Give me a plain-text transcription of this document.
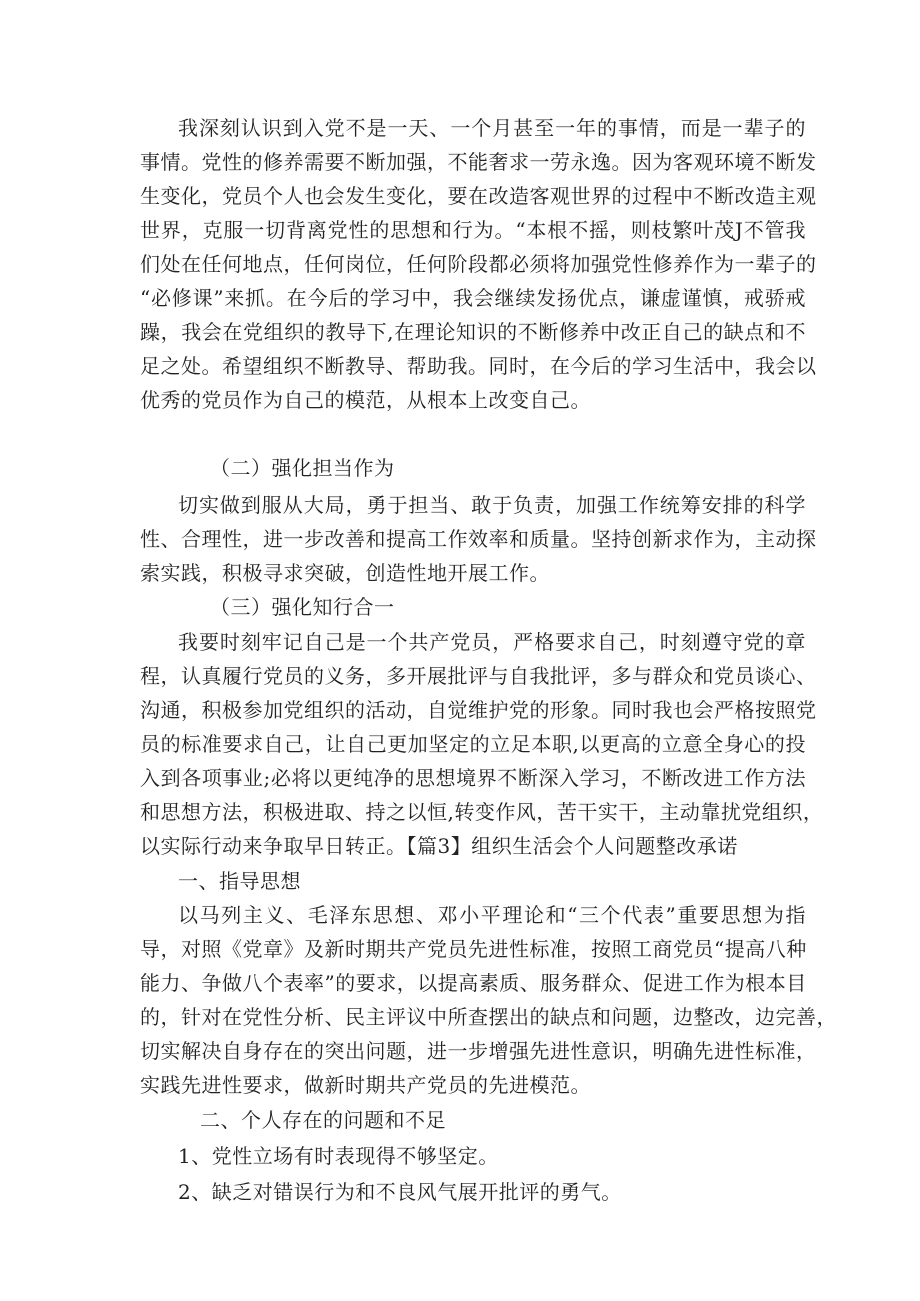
我深刻认识到入党不是一天、一个月甚至一年的事情，而是一辈子的
事情。党性的修养需要不断加强，不能奢求一劳永逸。因为客观环境不断发
生变化，党员个人也会发生变化，要在改造客观世界的过程中不断改造主观
世界，克服一切背离党性的思想和行为。“本根不摇，则枝繁叶茂J不管我
们处在任何地点，任何岗位，任何阶段都必须将加强党性修养作为一辈子的
“必修课”来抓。在今后的学习中，我会继续发扬优点，谦虚谨慎，戒骄戒
躁，我会在党组织的教导下,在理论知识的不断修养中改正自己的缺点和不
足之处。希望组织不断教导、帮助我。同时，在今后的学习生活中，我会以
优秀的党员作为自己的模范，从根本上改变自己。
（二）强化担当作为
切实做到服从大局，勇于担当、敢于负责，加强工作统筹安排的科学
性、合理性，进一步改善和提高工作效率和质量。坚持创新求作为，主动探
索实践，积极寻求突破，创造性地开展工作。
（三）强化知行合一
我要时刻牢记自己是一个共产党员，严格要求自己，时刻遵守党的章
程，认真履行党员的义务，多开展批评与自我批评，多与群众和党员谈心、
沟通，积极参加党组织的活动，自觉维护党的形象。同时我也会严格按照党
员的标准要求自己，让自己更加坚定的立足本职,以更高的立意全身心的投
入到各项事业;必将以更纯净的思想境界不断深入学习，不断改进工作方法
和思想方法，积极进取、持之以恒,转变作风，苦干实干，主动靠扰党组织，
以实际行动来争取早日转正。【篇3】组织生活会个人问题整改承诺
一、指导思想
以马列主义、毛泽东思想、邓小平理论和“三个代表”重要思想为指
导，对照《党章》及新时期共产党员先进性标准，按照工商党员“提高八种
能力、争做八个表率”的要求，以提高素质、服务群众、促进工作为根本目
的，针对在党性分析、民主评议中所查摆出的缺点和问题，边整改，边完善，
切实解决自身存在的突出问题，进一步增强先进性意识，明确先进性标准，
实践先进性要求，做新时期共产党员的先进模范。
二、个人存在的问题和不足
1、党性立场有时表现得不够坚定。
2、缺乏对错误行为和不良风气展开批评的勇气。
